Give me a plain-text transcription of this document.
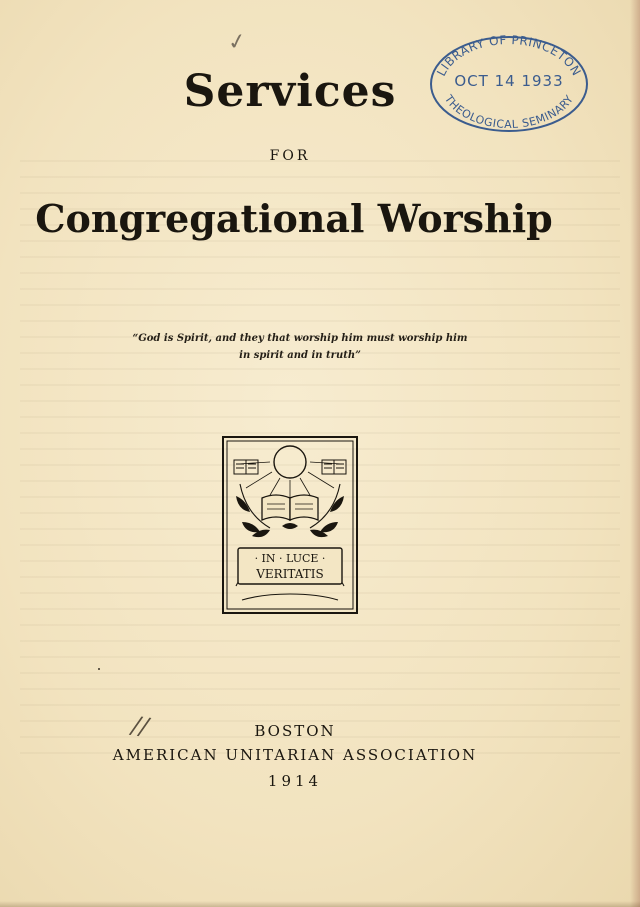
✓
Services
FOR
Congregational Worship
“God is Spirit, and they that worship him must worship him
in spirit and in truth”
· IN · LUCE ·
VERITATIS
//	BOSTON
AMERICAN UNITARIAN ASSOCIATION
1914
LIBRARY OF PRINCETON
THEOLOGICAL SEMINARY
OCT 14 1933
